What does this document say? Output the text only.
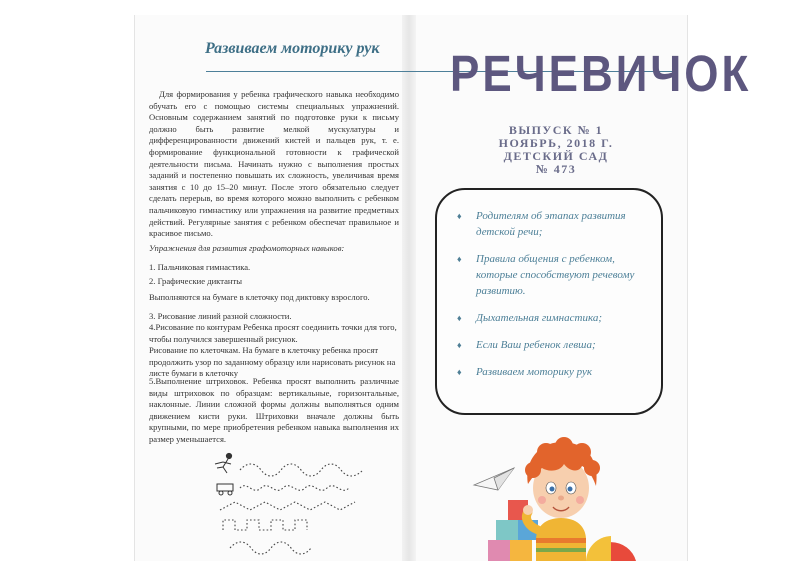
Развиваем моторику рук
Для формирования у ребенка графического навыка необходимо обучать его с помощью системы специальных упражнений. Основным содержанием занятий по подготовке руки к письму должно быть развитие мелкой мускулатуры и дифференцированности движений кистей и пальцев рук, т. е. формирование функциональной готовности к графической деятельности письма. Начинать нужно с выполнения простых заданий и постепенно повышать их сложность, увеличивая время занятия с 10 до 15–20 минут. После этого обязательно следует сделать перерыв, во время которого можно выполнить с ребенком пальчиковую гимнастику или упражнения на развитие предметных действий. Регулярные занятия с ребенком обеспечат правильное и красивое письмо.
Упражнения для развития графомоторных навыков:
1. Пальчиковая гимнастика.
2. Графические диктанты
Выполняются на бумаге в клеточку под диктовку взрослого.
3. Рисование линий разной сложности.
4.Рисование по контурам Ребенка просят соединить точки для того, чтобы получился завершенный рисунок.
Рисование по клеточкам. На бумаге в клеточку ребенка просят продолжить узор по заданному образцу или нарисовать рисунок на листе бумаги в клеточку
5.Выполнение штриховок. Ребенка просят выполнить различные виды штриховок по образцам: вертикальные, горизонтальные, наклонные. Линии сложной формы должны выполняться одним движением кисти руки. Штриховки вначале должны быть крупными, по мере приобретения ребенком навыка выполнения их размер уменьшается.

РЕЧЕВИЧОК
ВЫПУСК № 1
НОЯБРЬ, 2018 Г.
ДЕТСКИЙ САД
№ 473
♦ Родителям об этапах развития детской речи;
♦ Правила общения с ребенком, которые способствуют речевому развитию.
♦ Дыхательная гимнастика;
♦ Если Ваш ребенок левша;
♦ Развиваем моторику рук
